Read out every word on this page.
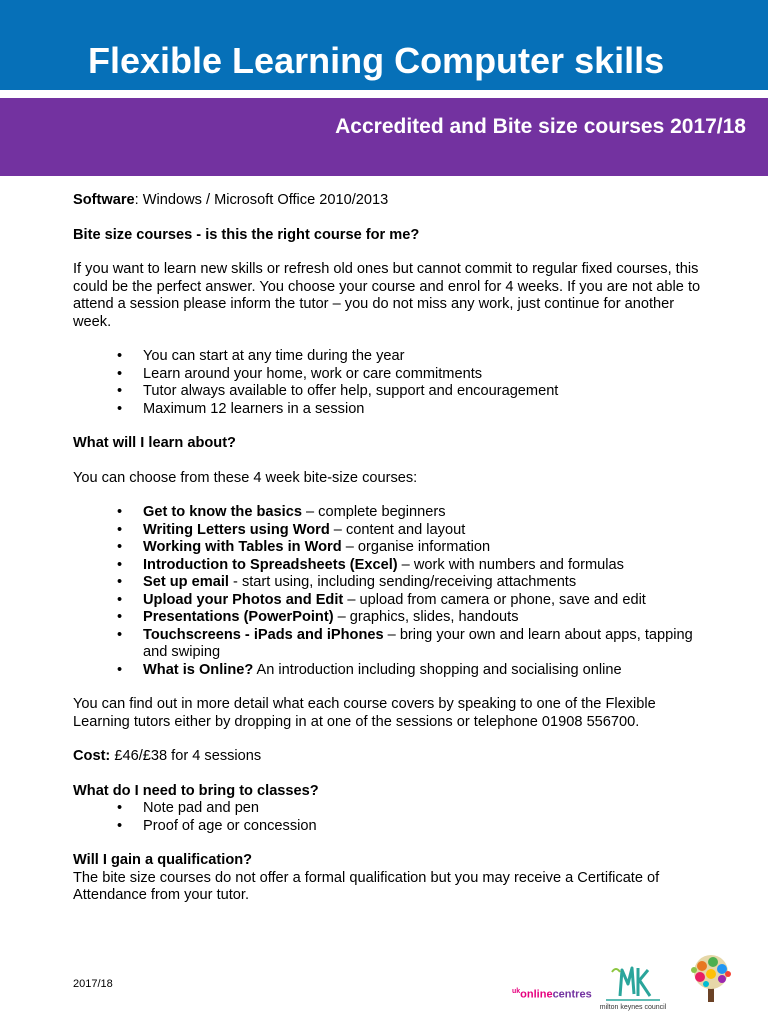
Flexible Learning Computer skills
Accredited and Bite size courses 2017/18

Software: Windows / Microsoft Office 2010/2013

Bite size courses - is this the right course for me?

If you want to learn new skills or refresh old ones but cannot commit to regular fixed courses, this could be the perfect answer. You choose your course and enrol for 4 weeks. If you are not able to attend a session please inform the tutor – you do not miss any work, just continue for another week.

• You can start at any time during the year
• Learn around your home, work or care commitments
• Tutor always available to offer help, support and encouragement
• Maximum 12 learners in a session

What will I learn about?

You can choose from these 4 week bite-size courses:

• Get to know the basics – complete beginners
• Writing Letters using Word – content and layout
• Working with Tables in Word – organise information
• Introduction to Spreadsheets (Excel) – work with numbers and formulas
• Set up email - start using, including sending/receiving attachments
• Upload your Photos and Edit – upload from camera or phone, save and edit
• Presentations (PowerPoint) – graphics, slides, handouts
• Touchscreens - iPads and iPhones – bring your own and learn about apps, tapping and swiping
• What is Online? An introduction including shopping and socialising online

You can find out in more detail what each course covers by speaking to one of the Flexible Learning tutors either by dropping in at one of the sessions or telephone 01908 556700.

Cost: £46/£38 for 4 sessions

What do I need to bring to classes?

• Note pad and pen
• Proof of age or concession

Will I gain a qualification?

The bite size courses do not offer a formal qualification but you may receive a Certificate of Attendance from your tutor.

2017/18
$^{uk}$onlinecentres
milton keynes council
